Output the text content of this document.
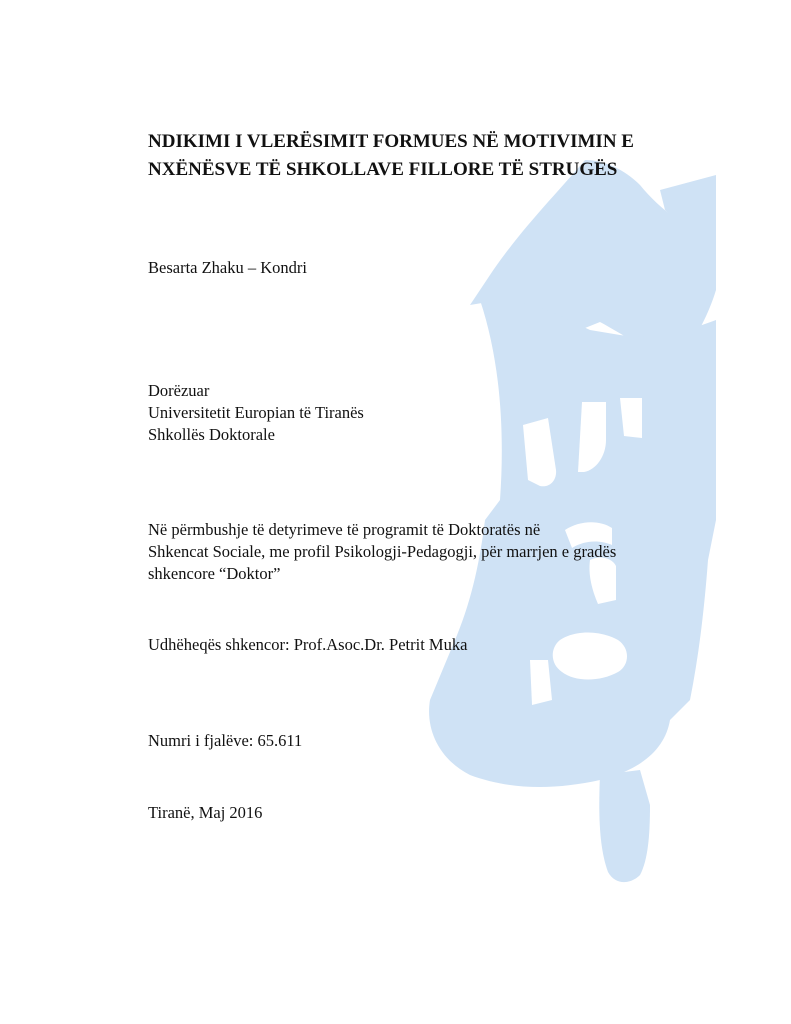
NDIKIMI I VLERËSIMIT FORMUES NË MOTIVIMIN E
NXËNËSVE TË SHKOLLAVE FILLORE TË STRUGËS

Besarta Zhaku – Kondri

Dorëzuar
Universitetit Europian të Tiranës
Shkollës Doktorale

Në përmbushje të detyrimeve të programit të Doktoratës në
Shkencat Sociale, me profil Psikologji-Pedagogji, për marrjen e gradës
shkencore “Doktor”

Udhëheqës shkencor: Prof.Asoc.Dr. Petrit Muka

Numri i fjalëve: 65.611

Tiranë, Maj 2016
